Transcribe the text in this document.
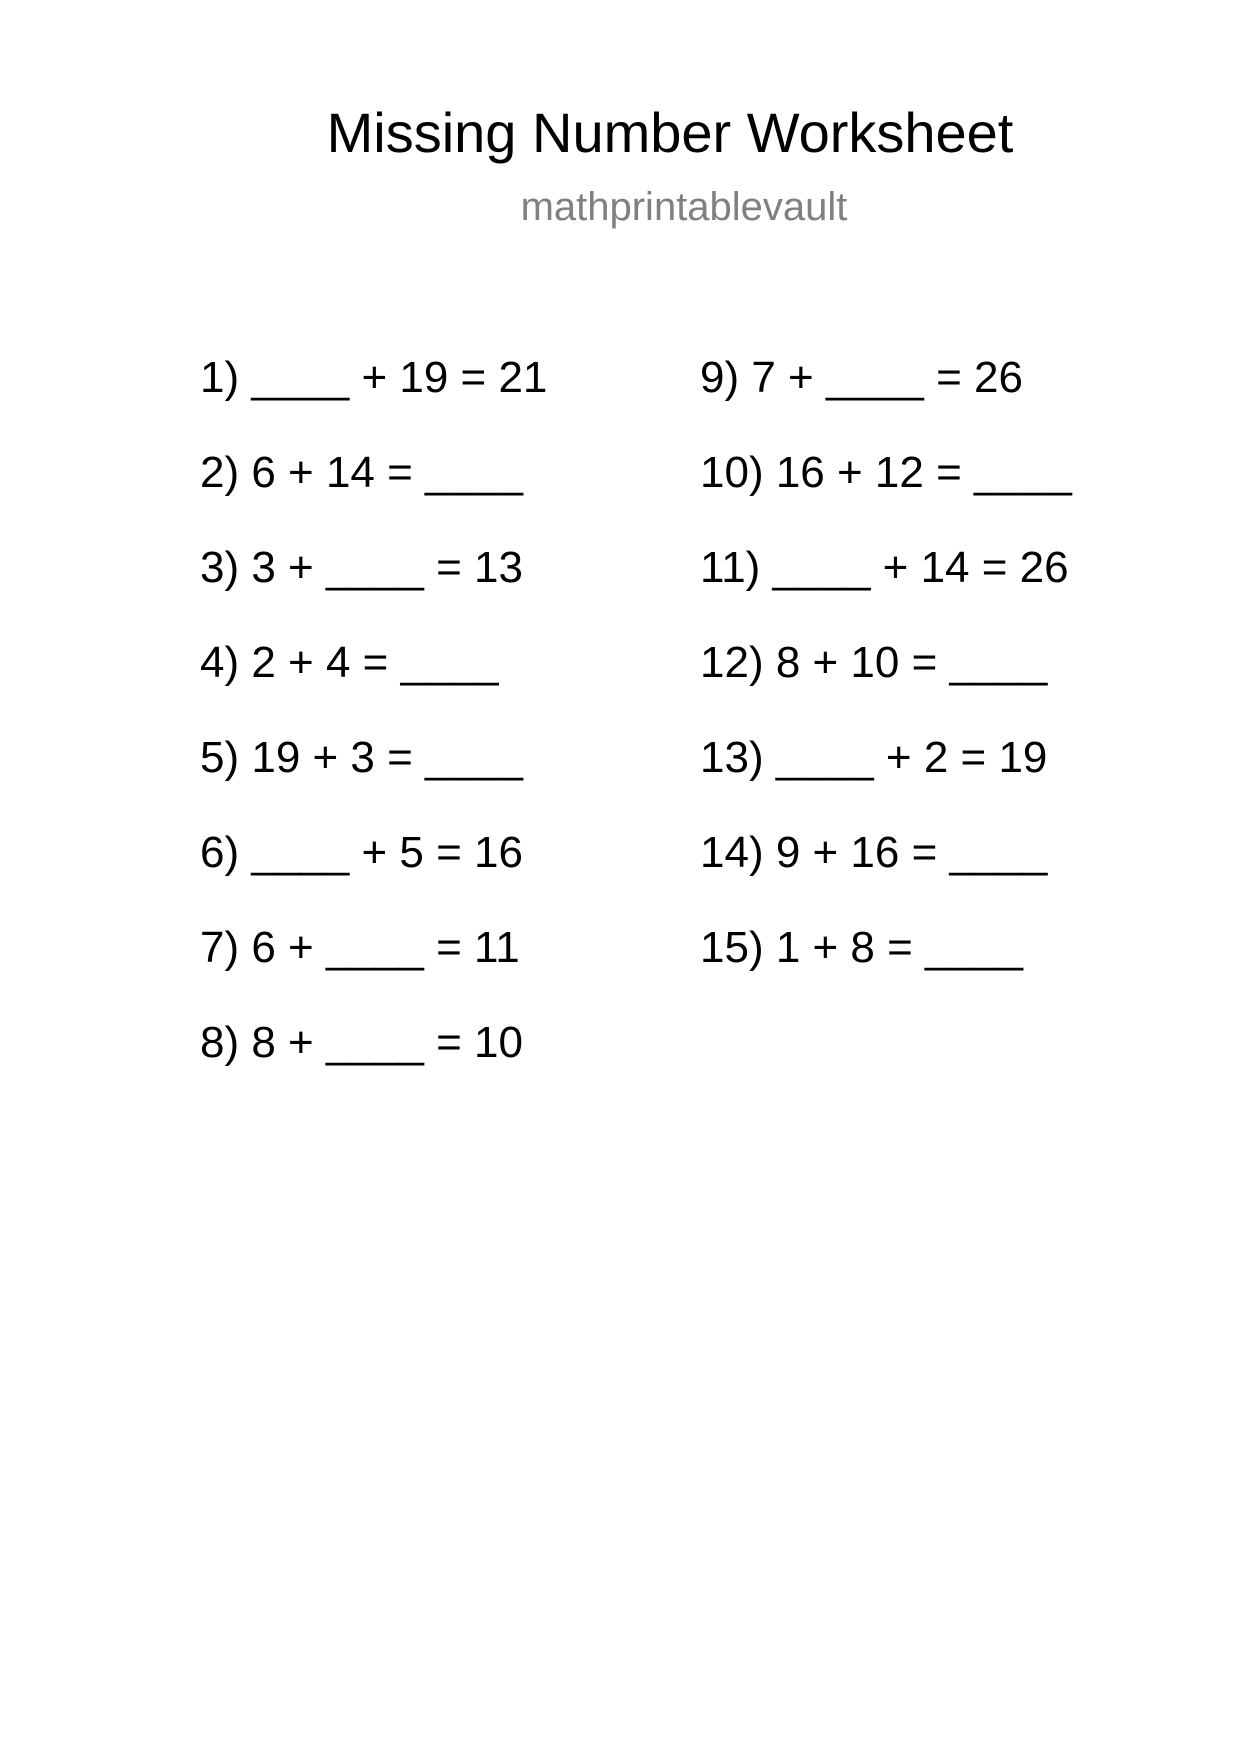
Missing Number Worksheet
mathprintablevault
1) ____ + 19 = 21
2) 6 + 14 = ____
3) 3 + ____ = 13
4) 2 + 4 = ____
5) 19 + 3 = ____
6) ____ + 5 = 16
7) 6 + ____ = 11
8) 8 + ____ = 10
9) 7 + ____ = 26
10) 16 + 12 = ____
11) ____ + 14 = 26
12) 8 + 10 = ____
13) ____ + 2 = 19
14) 9 + 16 = ____
15) 1 + 8 = ____
